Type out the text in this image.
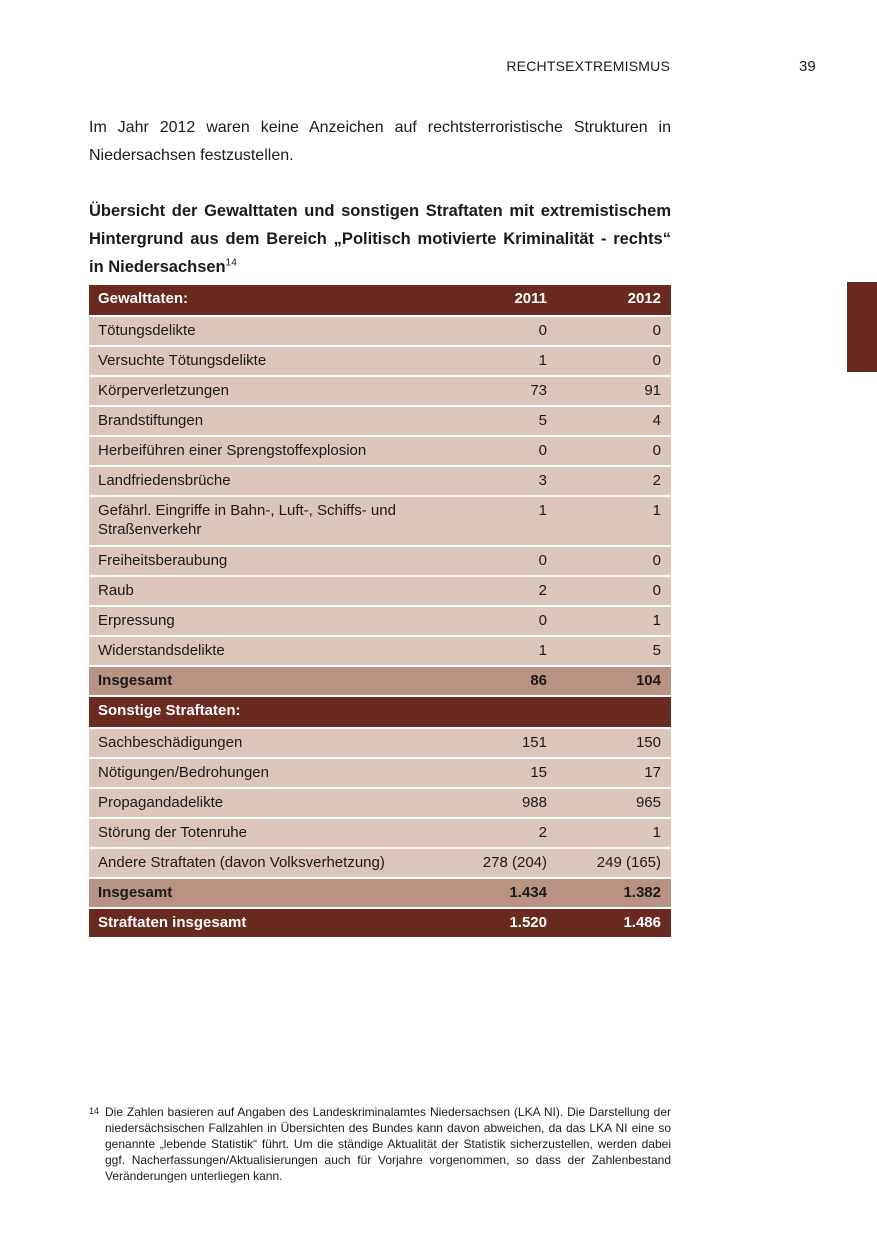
RECHTSEXTREMISMUS	39

Im Jahr 2012 waren keine Anzeichen auf rechtsterroristische Strukturen in Niedersachsen festzustellen.

Übersicht der Gewalttaten und sonstigen Straftaten mit extremistischem Hintergrund aus dem Bereich „Politisch motivierte Kriminalität - rechts“ in Niedersachsen$^{14}$
Gewalttaten:	2011	2012
Tötungsdelikte	0	0
Versuchte Tötungsdelikte	1	0
Körperverletzungen	73	91
Brandstiftungen	5	4
Herbeiführen einer Sprengstoffexplosion	0	0
Landfriedensbrüche	3	2
Gefährl. Eingriffe in Bahn-, Luft-, Schiffs- und Straßenverkehr	1	1
Freiheitsberaubung	0	0
Raub	2	0
Erpressung	0	1
Widerstandsdelikte	1	5
Insgesamt	86	104
Sonstige Straftaten:		
Sachbeschädigungen	151	150
Nötigungen/Bedrohungen	15	17
Propagandadelikte	988	965
Störung der Totenruhe	2	1
Andere Straftaten (davon Volksverhetzung)	278 (204)	249 (165)
Insgesamt	1.434	1.382
Straftaten insgesamt	1.520	1.486
14 Die Zahlen basieren auf Angaben des Landeskriminalamtes Niedersachsen (LKA NI). Die Darstellung der niedersächsischen Fallzahlen in Übersichten des Bundes kann davon abweichen, da das LKA NI eine so genannte „lebende Statistik“ führt. Um die ständige Aktualität der Statistik sicherzustellen, werden dabei ggf. Nacherfassungen/Aktualisierungen auch für Vorjahre vorgenommen, so dass der Zahlenbestand Veränderungen unterliegen kann.
